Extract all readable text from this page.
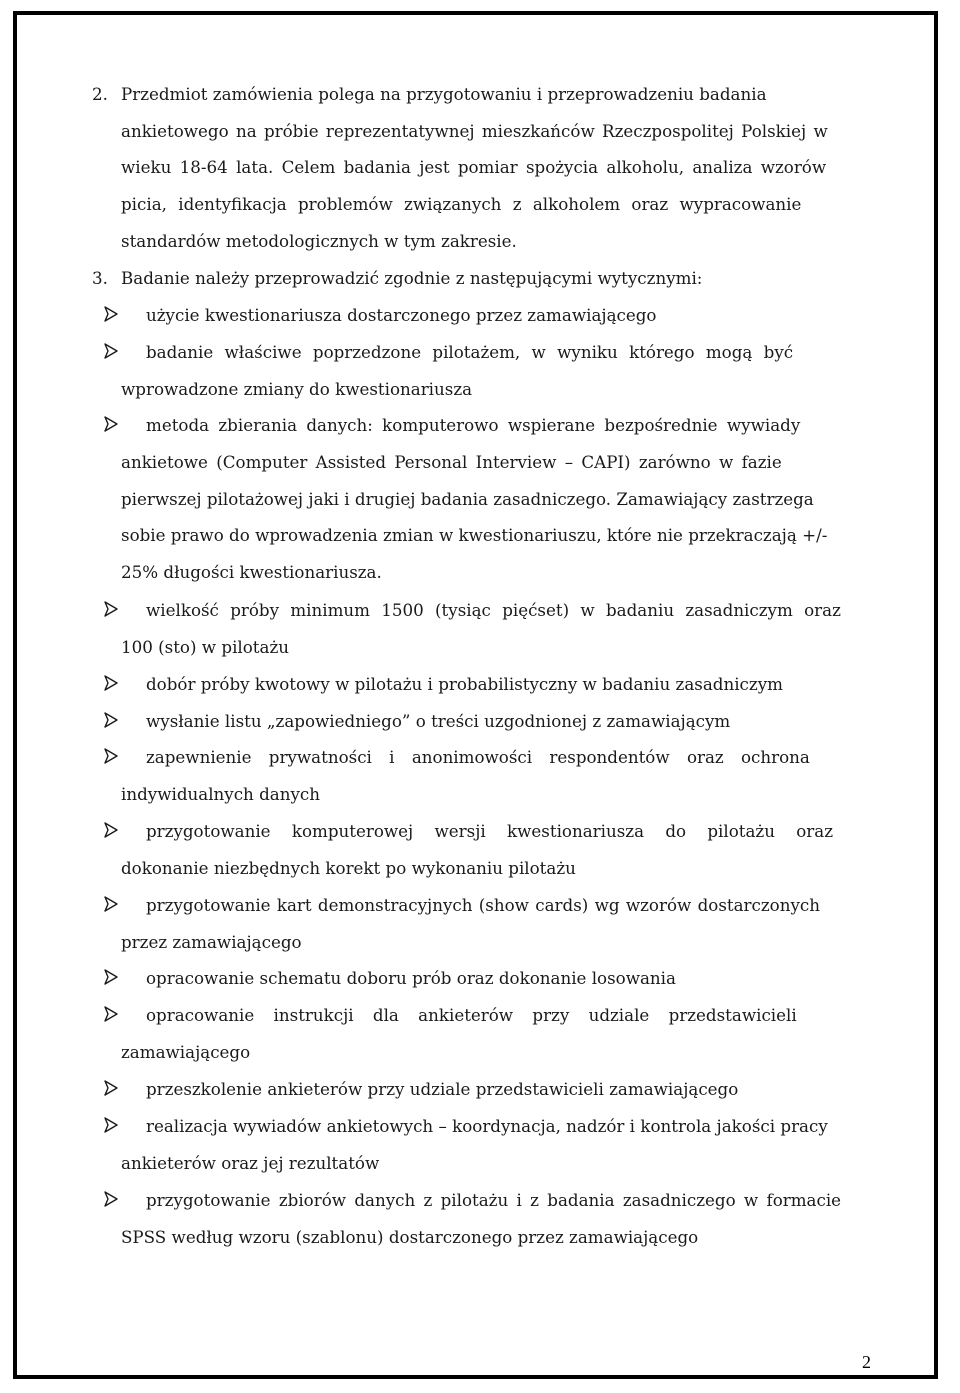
2. Przedmiot zamówienia polega na przygotowaniu i przeprowadzeniu badania
ankietowego na próbie reprezentatywnej mieszkańców Rzeczpospolitej Polskiej w
wieku 18-64 lata. Celem badania jest pomiar spożycia alkoholu, analiza wzorów
picia, identyfikacja problemów związanych z alkoholem oraz wypracowanie
standardów metodologicznych w tym zakresie.
3. Badanie należy przeprowadzić zgodnie z następującymi wytycznymi:
użycie kwestionariusza dostarczonego przez zamawiającego
badanie właściwe poprzedzone pilotażem, w wyniku którego mogą być
wprowadzone zmiany do kwestionariusza
metoda zbierania danych: komputerowo wspierane bezpośrednie wywiady
ankietowe (Computer Assisted Personal Interview – CAPI) zarówno w fazie
pierwszej pilotażowej jaki i drugiej badania zasadniczego. Zamawiający zastrzega
sobie prawo do wprowadzenia zmian w kwestionariuszu, które nie przekraczają +/-
25% długości kwestionariusza.
wielkość próby minimum 1500 (tysiąc pięćset) w badaniu zasadniczym oraz
100 (sto) w pilotażu
dobór próby kwotowy w pilotażu i probabilistyczny w badaniu zasadniczym
wysłanie listu „zapowiedniego” o treści uzgodnionej z zamawiającym
zapewnienie prywatności i anonimowości respondentów oraz ochrona
indywidualnych danych
przygotowanie komputerowej wersji kwestionariusza do pilotażu oraz
dokonanie niezbędnych korekt po wykonaniu pilotażu
przygotowanie kart demonstracyjnych (show cards) wg wzorów dostarczonych
przez zamawiającego
opracowanie schematu doboru prób oraz dokonanie losowania
opracowanie instrukcji dla ankieterów przy udziale przedstawicieli
zamawiającego
przeszkolenie ankieterów przy udziale przedstawicieli zamawiającego
realizacja wywiadów ankietowych – koordynacja, nadzór i kontrola jakości pracy
ankieterów oraz jej rezultatów
przygotowanie zbiorów danych z pilotażu i z badania zasadniczego w formacie
SPSS według wzoru (szablonu) dostarczonego przez zamawiającego
2
